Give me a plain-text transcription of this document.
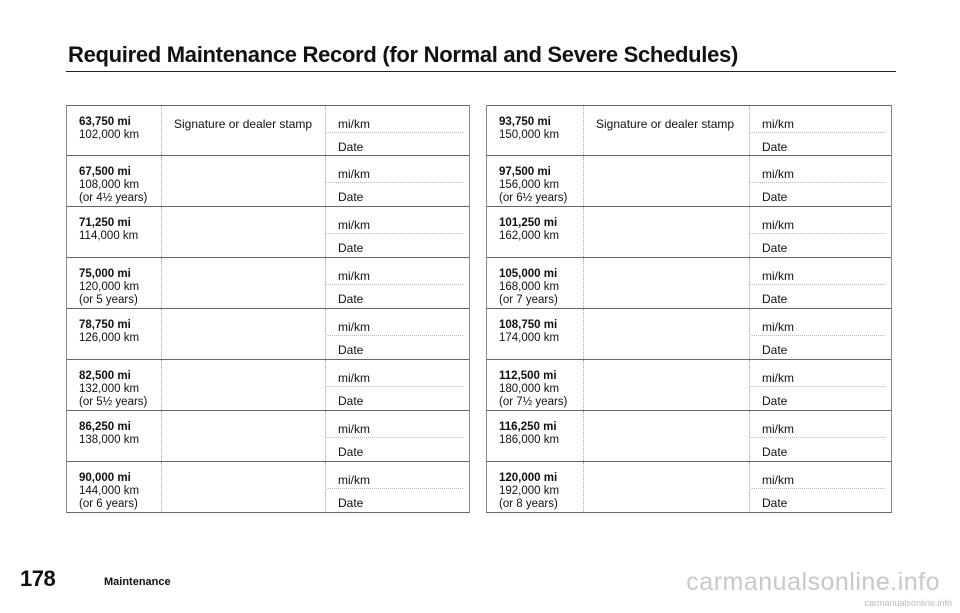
Required Maintenance Record (for Normal and Severe Schedules)
63,750 mi
102,000 km
Signature or dealer stamp mi/km
Date
67,500 mi
108,000 km
(or 4½ years)
mi/km
Date
71,250 mi
114,000 km
mi/km
Date
75,000 mi
120,000 km
(or 5 years)
mi/km
Date
78,750 mi
126,000 km
mi/km
Date
82,500 mi
132,000 km
(or 5½ years)
mi/km
Date
86,250 mi
138,000 km
mi/km
Date
90,000 mi
144,000 km
(or 6 years)
mi/km
Date
93,750 mi
150,000 km
Signature or dealer stamp mi/km
Date
97,500 mi
156,000 km
(or 6½ years)
mi/km
Date
101,250 mi
162,000 km
mi/km
Date
105,000 mi
168,000 km
(or 7 years)
mi/km
Date
108,750 mi
174,000 km
mi/km
Date
112,500 mi
180,000 km
(or 7½ years)
mi/km
Date
116,250 mi
186,000 km
mi/km
Date
120,000 mi
192,000 km
(or 8 years)
mi/km
Date
178	Maintenance	carmanualsonline.info
carmanualsonline.info
